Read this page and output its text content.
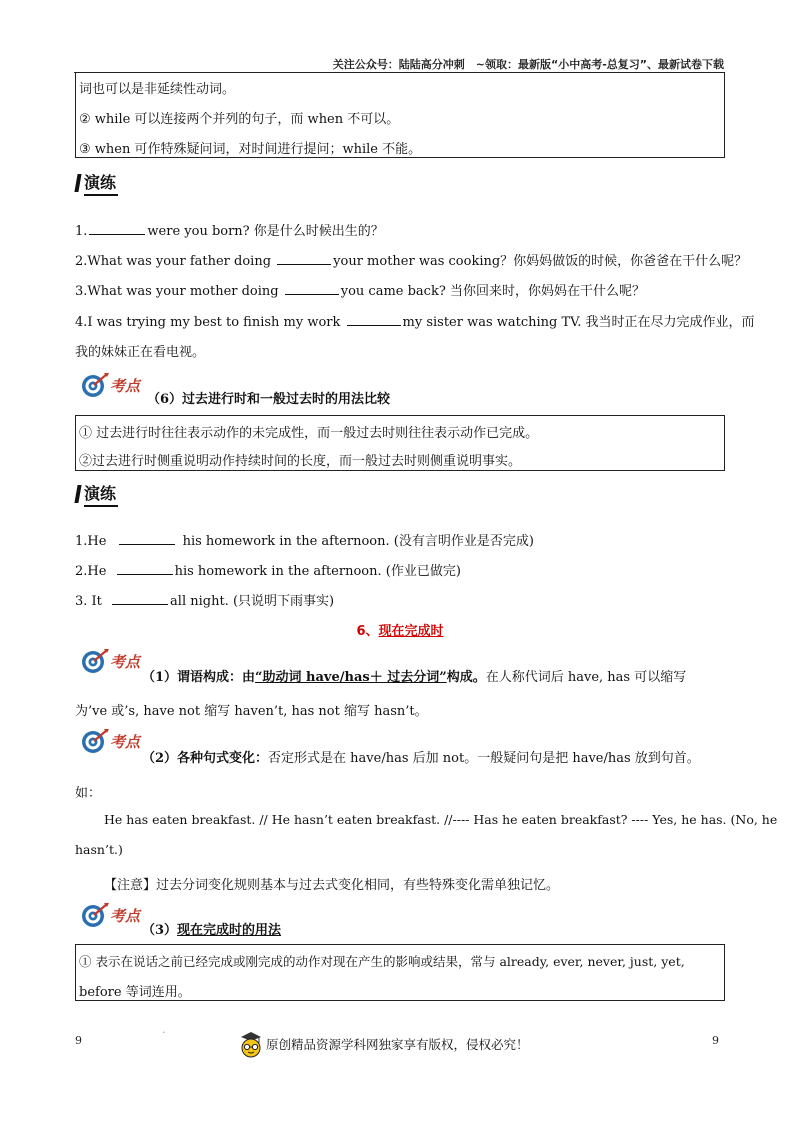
关注公众号：陆陆高分冲刺　~领取：最新版“小中高考-总复习”、最新试卷下载
词也可以是非延续性动词。
② while 可以连接两个并列的句子，而 when 不可以。
③ when 可作特殊疑问词，对时间进行提问；while 不能。
演练
1.	were you born? 你是什么时候出生的？
2.What was your father doing	your mother was cooking？你妈妈做饭的时候，你爸爸在干什么呢？
3.What was your mother doing	you came back? 当你回来时，你妈妈在干什么呢？
4.I was trying my best to finish my work	my sister was watching TV. 我当时正在尽力完成作业，而
我的妹妹正在看电视。
考点
（6）过去进行时和一般过去时的用法比较
① 过去进行时往往表示动作的未完成性，而一般过去时则往往表示动作已完成。
②过去进行时侧重说明动作持续时间的长度，而一般过去时则侧重说明事实。
演练
1.He	his homework in the afternoon. (没有言明作业是否完成)
2.He	his homework in the afternoon. (作业已做完)
3. It	all night. (只说明下雨事实)
6、现在完成时
考点
（1）谓语构成：由“助动词 have/has＋ 过去分词”构成。在人称代词后 have, has 可以缩写
为’ve 或’s, have not 缩写 haven’t, has not 缩写 hasn’t。
考点
（2）各种句式变化：否定形式是在 have/has 后加 not。一般疑问句是把 have/has 放到句首。
如：
He has eaten breakfast. // He hasn’t eaten breakfast. //---- Has he eaten breakfast? ---- Yes, he has. (No, he
hasn’t.)
【注意】过去分词变化规则基本与过去式变化相同，有些特殊变化需单独记忆。
考点
（3）现在完成时的用法
① 表示在说话之前已经完成或刚完成的动作对现在产生的影响或结果，常与 already, ever, never, just, yet,
before 等词连用。
9
·
9
原创精品资源学科网独家享有版权，侵权必究！
